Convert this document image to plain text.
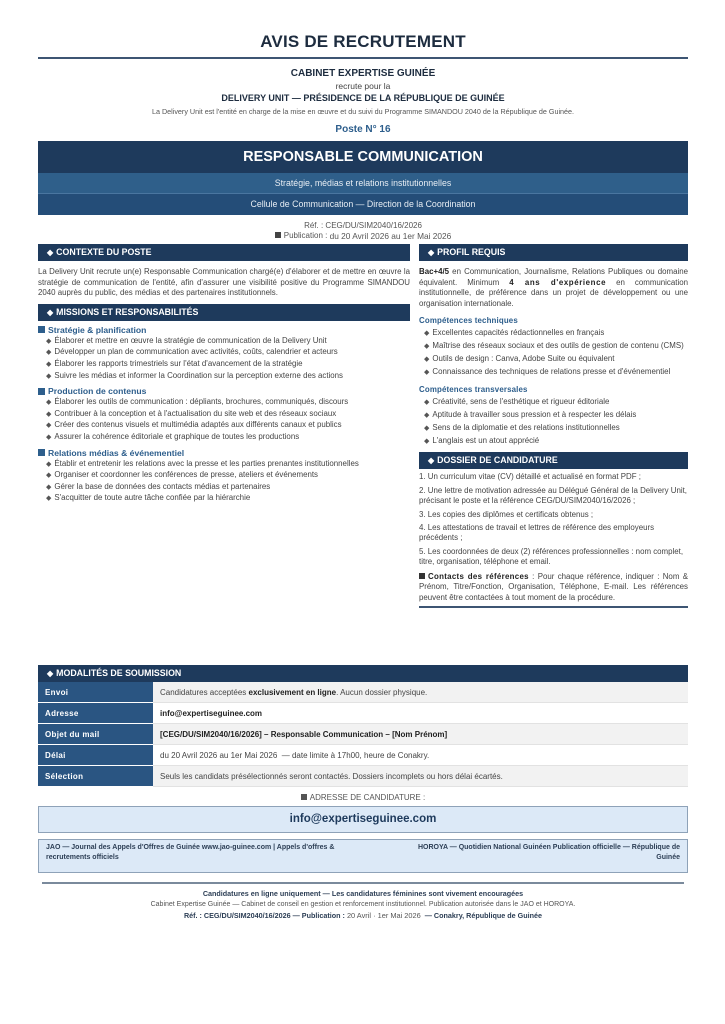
AVIS DE RECRUTEMENT
CABINET EXPERTISE GUINÉE
recrute pour la
DELIVERY UNIT — PRÉSIDENCE DE LA RÉPUBLIQUE DE GUINÉE
La Delivery Unit est l'entité en charge de la mise en œuvre et du suivi du Programme SIMANDOU 2040 de la République de Guinée.
Poste N° 16
RESPONSABLE COMMUNICATION
Stratégie, médias et relations institutionnelles
Cellule de Communication — Direction de la Coordination
Réf. : CEG/DU/SIM2040/16/2026
Publication : du 20 Avril 2026 au 1er Mai 2026
◆ CONTEXTE DU POSTE
La Delivery Unit recrute un(e) Responsable Communication chargé(e) d'élaborer et de mettre en œuvre la stratégie de communication de l'entité, afin d'assurer une visibilité positive du Programme SIMANDOU 2040 auprès du public, des médias et des partenaires institutionnels.
◆ MISSIONS ET RESPONSABILITÉS
Stratégie & planification
◆ Élaborer et mettre en œuvre la stratégie de communication de la Delivery Unit
◆ Développer un plan de communication avec activités, coûts, calendrier et acteurs
◆ Élaborer les rapports trimestriels sur l'état d'avancement de la stratégie
◆ Suivre les médias et informer la Coordination sur la perception externe des actions
Production de contenus
◆ Élaborer les outils de communication : dépliants, brochures, communiqués, discours
◆ Contribuer à la conception et à l'actualisation du site web et des réseaux sociaux
◆ Créer des contenus visuels et multimédia adaptés aux différents canaux et publics
◆ Assurer la cohérence éditoriale et graphique de toutes les productions
Relations médias & événementiel
◆ Établir et entretenir les relations avec la presse et les parties prenantes institutionnelles
◆ Organiser et coordonner les conférences de presse, ateliers et événements
◆ Gérer la base de données des contacts médias et partenaires
◆ S'acquitter de toute autre tâche confiée par la hiérarchie
◆ PROFIL REQUIS
Bac+4/5 en Communication, Journalisme, Relations Publiques ou domaine équivalent. Minimum 4 ans d'expérience en communication institutionnelle, de préférence dans un projet de développement ou une organisation internationale.
Compétences techniques
◆ Excellentes capacités rédactionnelles en français
◆ Maîtrise des réseaux sociaux et des outils de gestion de contenu (CMS)
◆ Outils de design : Canva, Adobe Suite ou équivalent
◆ Connaissance des techniques de relations presse et d'événementiel
Compétences transversales
◆ Créativité, sens de l'esthétique et rigueur éditoriale
◆ Aptitude à travailler sous pression et à respecter les délais
◆ Sens de la diplomatie et des relations institutionnelles
◆ L'anglais est un atout apprécié
◆ DOSSIER DE CANDIDATURE
1. Un curriculum vitae (CV) détaillé et actualisé en format PDF ;
2. Une lettre de motivation adressée au Délégué Général de la Delivery Unit, précisant le poste et la référence CEG/DU/SIM2040/16/2026 ;
3. Les copies des diplômes et certificats obtenus ;
4. Les attestations de travail et lettres de référence des employeurs précédents ;
5. Les coordonnées de deux (2) références professionnelles : nom complet, titre, organisation, téléphone et email.
Contacts des références : Pour chaque référence, indiquer : Nom & Prénom, Titre/Fonction, Organisation, Téléphone, E-mail. Les références peuvent être contactées à tout moment de la procédure.
◆ MODALITÉS DE SOUMISSION
Envoi	Candidatures acceptées exclusivement en ligne. Aucun dossier physique.
Adresse	info@expertiseguinee.com
Objet du mail	[CEG/DU/SIM2040/16/2026] – Responsable Communication – [Nom Prénom]
Délai	du 20 Avril 2026 au 1er Mai 2026  — date limite à 17h00, heure de Conakry.
Sélection	Seuls les candidats présélectionnés seront contactés. Dossiers incomplets ou hors délai écartés.
ADRESSE DE CANDIDATURE :
info@expertiseguinee.com
JAO — Journal des Appels d'Offres de Guinée www.jao-guinee.com | Appels d'offres & recrutements officiels
HOROYA — Quotidien National Guinéen Publication officielle — République de Guinée
Candidatures en ligne uniquement — Les candidatures féminines sont vivement encouragées
Cabinet Expertise Guinée — Cabinet de conseil en gestion et renforcement institutionnel. Publication autorisée dans le JAO et HOROYA.
Réf. : CEG/DU/SIM2040/16/2026 — Publication : 20 Avril · 1er Mai 2026  — Conakry, République de Guinée
